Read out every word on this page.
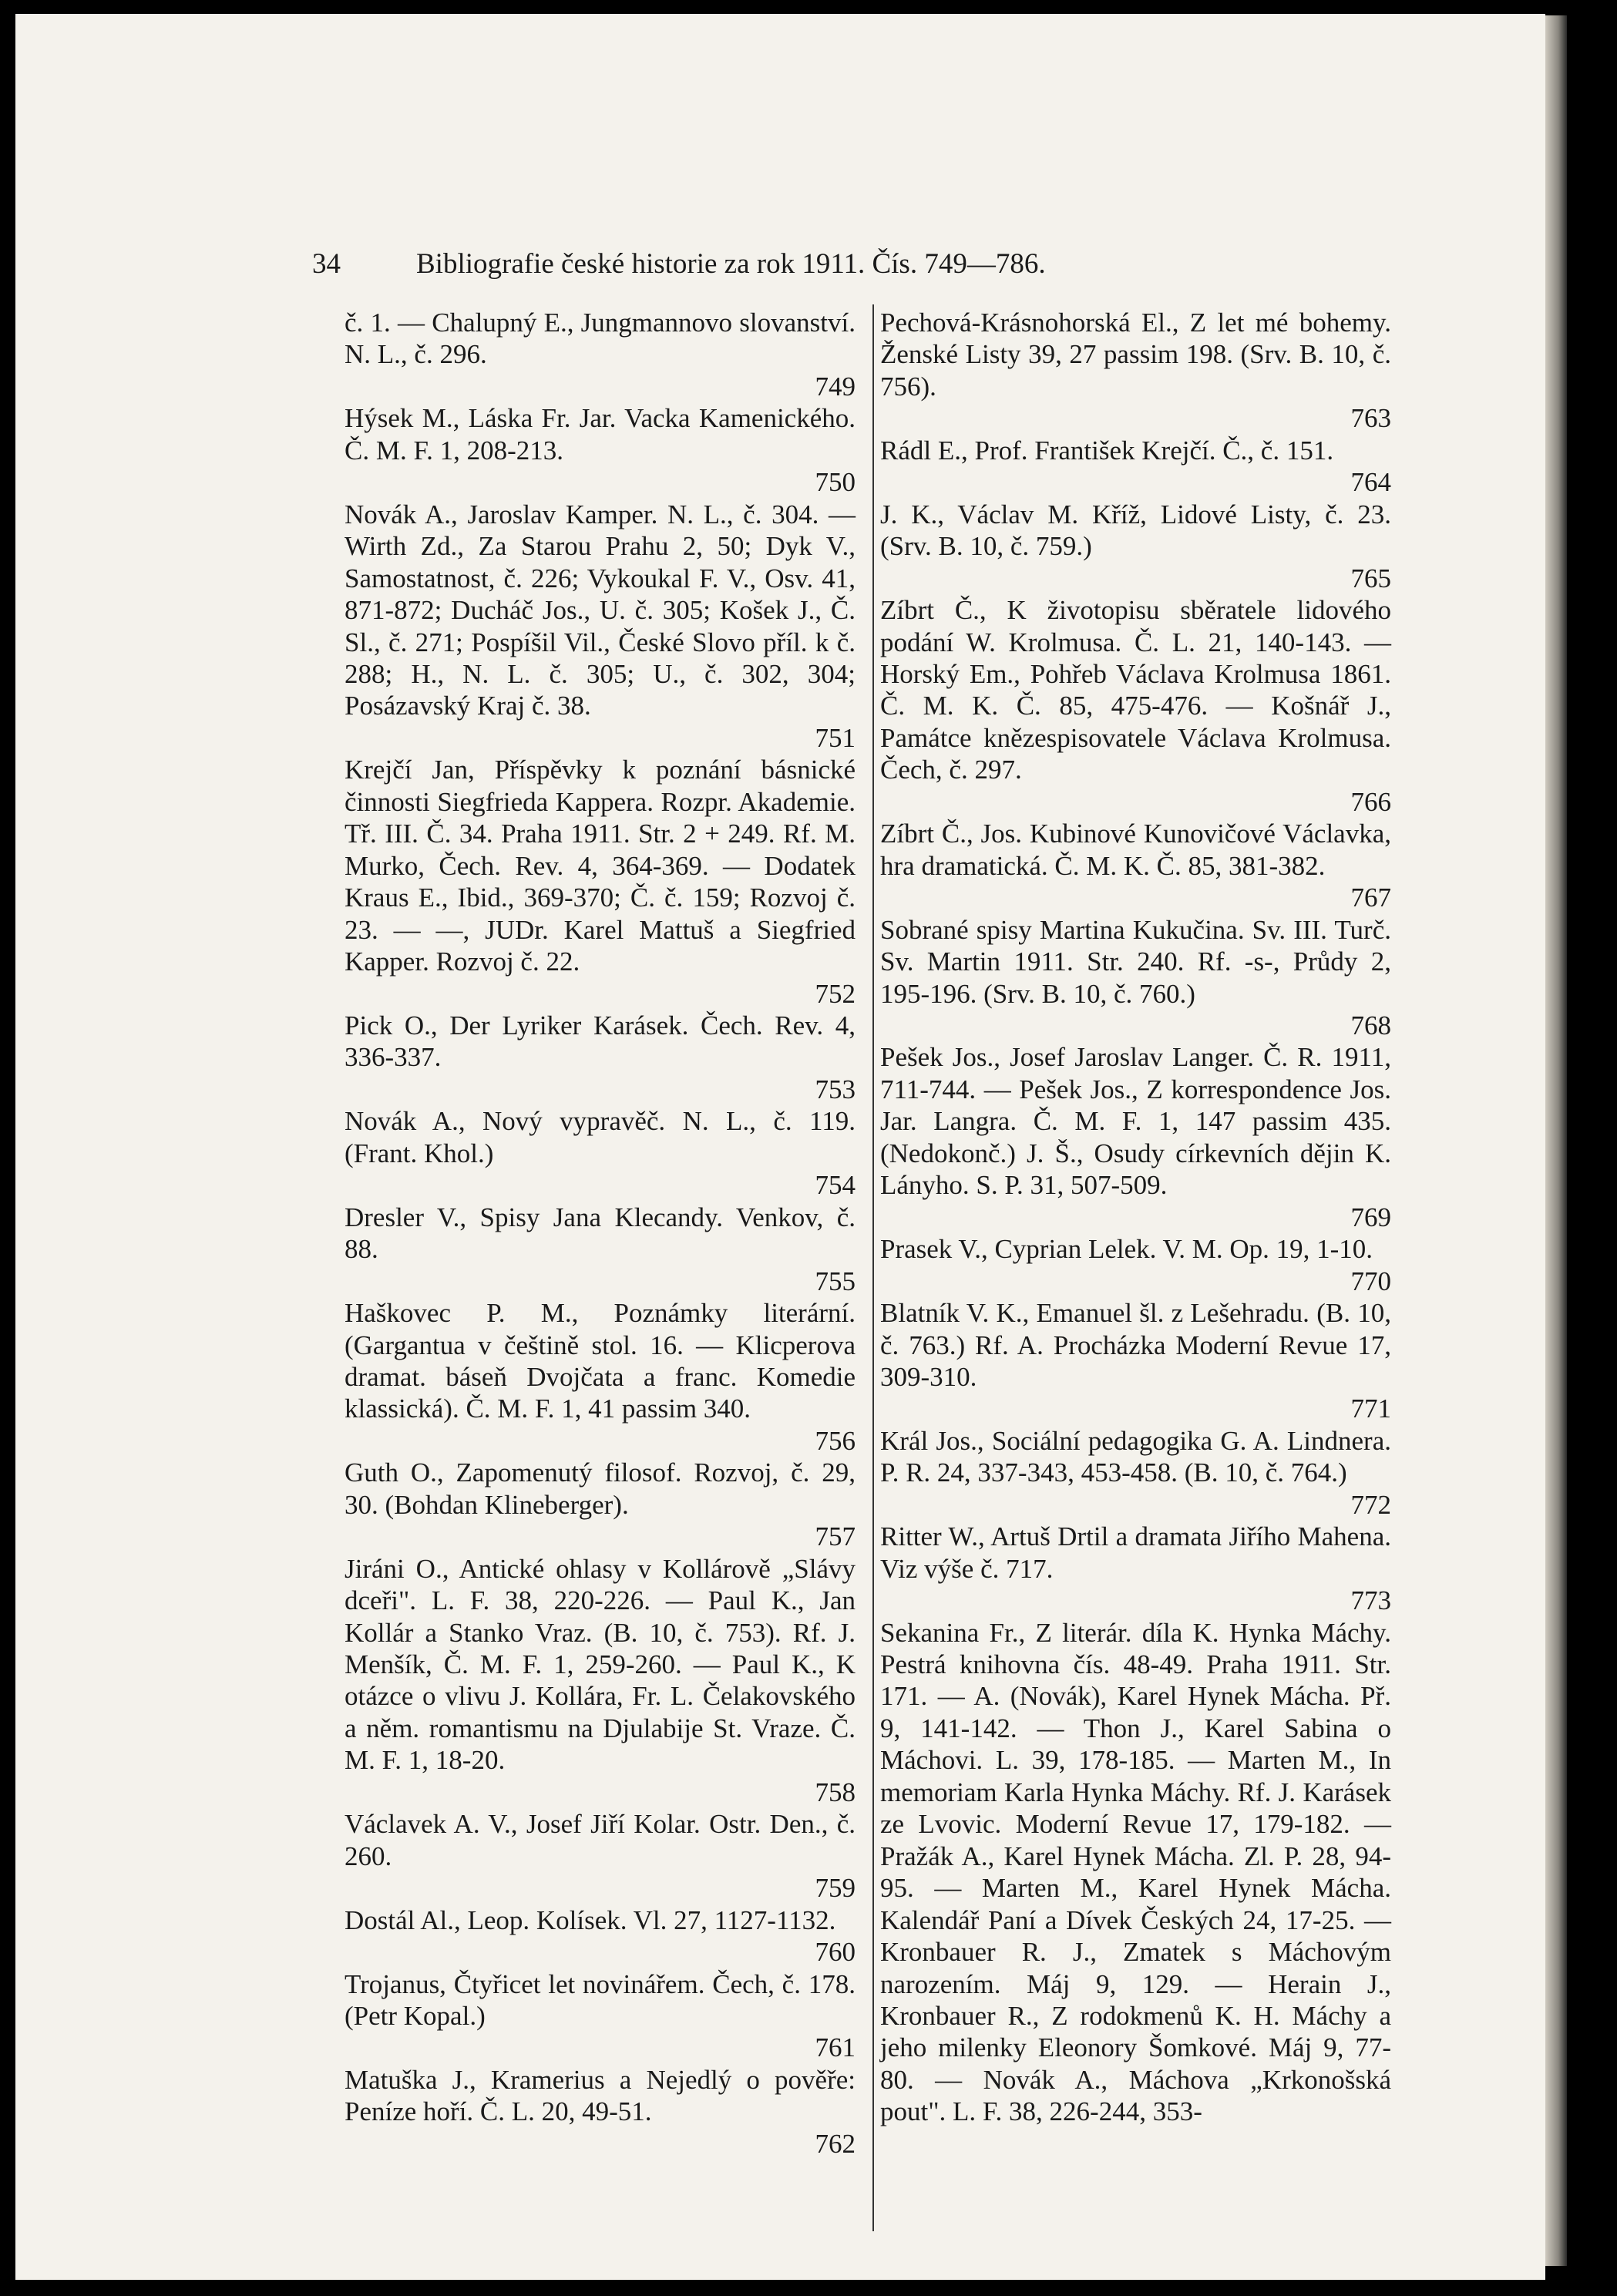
34	Bibliografie české historie za rok 1911. Čís. 749—786.

č. 1. — Chalupný E., Jungmannovo slovanství. N. L., č. 296.
749

Hýsek M., Láska Fr. Jar. Vacka Kamenického. Č. M. F. 1, 208-213.
750

Novák A., Jaroslav Kamper. N. L., č. 304. — Wirth Zd., Za Starou Prahu 2, 50; Dyk V., Samostatnost, č. 226; Vykoukal F. V., Osv. 41, 871-872; Ducháč Jos., U. č. 305; Košek J., Č. Sl., č. 271; Pospíšil Vil., České Slovo příl. k č. 288; H., N. L. č. 305; U., č. 302, 304; Posázavský Kraj č. 38.
751

Krejčí Jan, Příspěvky k poznání básnické činnosti Siegfrieda Kappera. Rozpr. Akademie. Tř. III. Č. 34. Praha 1911. Str. 2 + 249. Rf. M. Murko, Čech. Rev. 4, 364-369. — Dodatek Kraus E., Ibid., 369-370; Č. č. 159; Rozvoj č. 23. — —, JUDr. Karel Mattuš a Siegfried Kapper. Rozvoj č. 22.
752

Pick O., Der Lyriker Karásek. Čech. Rev. 4, 336-337.
753

Novák A., Nový vypravěč. N. L., č. 119. (Frant. Khol.)
754

Dresler V., Spisy Jana Klecandy. Venkov, č. 88.
755

Haškovec P. M., Poznámky literární. (Gargantua v češtině stol. 16. — Klicperova dramat. báseň Dvojčata a franc. Komedie klassická). Č. M. F. 1, 41 passim 340.
756

Guth O., Zapomenutý filosof. Rozvoj, č. 29, 30. (Bohdan Klineberger).
757

Jiráni O., Antické ohlasy v Kollárově „Slávy dceři". L. F. 38, 220-226. — Paul K., Jan Kollár a Stanko Vraz. (B. 10, č. 753). Rf. J. Menšík, Č. M. F. 1, 259-260. — Paul K., K otázce o vlivu J. Kollára, Fr. L. Čelakovského a něm. romantismu na Djulabije St. Vraze. Č. M. F. 1, 18-20.
758

Václavek A. V., Josef Jiří Kolar. Ostr. Den., č. 260.
759

Dostál Al., Leop. Kolísek. Vl. 27, 1127-1132.
760

Trojanus, Čtyřicet let novinářem. Čech, č. 178. (Petr Kopal.)
761

Matuška J., Kramerius a Nejedlý o pověře: Peníze hoří. Č. L. 20, 49-51.
762

Pechová-Krásnohorská El., Z let mé bohemy. Ženské Listy 39, 27 passim 198. (Srv. B. 10, č. 756).
763

Rádl E., Prof. František Krejčí. Č., č. 151.
764

J. K., Václav M. Kříž, Lidové Listy, č. 23. (Srv. B. 10, č. 759.)
765

Zíbrt Č., K životopisu sběratele lidového podání W. Krolmusa. Č. L. 21, 140-143. — Horský Em., Pohřeb Václava Krolmusa 1861. Č. M. K. Č. 85, 475-476. — Košnář J., Památce knězespisovatele Václava Krolmusa. Čech, č. 297.
766

Zíbrt Č., Jos. Kubinové Kunovičové Václavka, hra dramatická. Č. M. K. Č. 85, 381-382.
767

Sobrané spisy Martina Kukučina. Sv. III. Turč. Sv. Martin 1911. Str. 240. Rf. -s-, Průdy 2, 195-196. (Srv. B. 10, č. 760.)
768

Pešek Jos., Josef Jaroslav Langer. Č. R. 1911, 711-744. — Pešek Jos., Z korrespondence Jos. Jar. Langra. Č. M. F. 1, 147 passim 435. (Nedokonč.) J. Š., Osudy církevních dějin K. Lányho. S. P. 31, 507-509.
769

Prasek V., Cyprian Lelek. V. M. Op. 19, 1-10.
770

Blatník V. K., Emanuel šl. z Lešehradu. (B. 10, č. 763.) Rf. A. Procházka Moderní Revue 17, 309-310.
771

Král Jos., Sociální pedagogika G. A. Lindnera. P. R. 24, 337-343, 453-458. (B. 10, č. 764.)
772

Ritter W., Artuš Drtil a dramata Jiřího Mahena. Viz výše č. 717.
773

Sekanina Fr., Z literár. díla K. Hynka Máchy. Pestrá knihovna čís. 48-49. Praha 1911. Str. 171. — A. (Novák), Karel Hynek Mácha. Př. 9, 141-142. — Thon J., Karel Sabina o Máchovi. L. 39, 178-185. — Marten M., In memoriam Karla Hynka Máchy. Rf. J. Karásek ze Lvovic. Moderní Revue 17, 179-182. — Pražák A., Karel Hynek Mácha. Zl. P. 28, 94-95. — Marten M., Karel Hynek Mácha. Kalendář Paní a Dívek Českých 24, 17-25. — Kronbauer R. J., Zmatek s Máchovým narozením. Máj 9, 129. — Herain J., Kronbauer R., Z rodokmenů K. H. Máchy a jeho milenky Eleonory Šomkové. Máj 9, 77-80. — Novák A., Máchova „Krkonošská pout". L. F. 38, 226-244, 353-
